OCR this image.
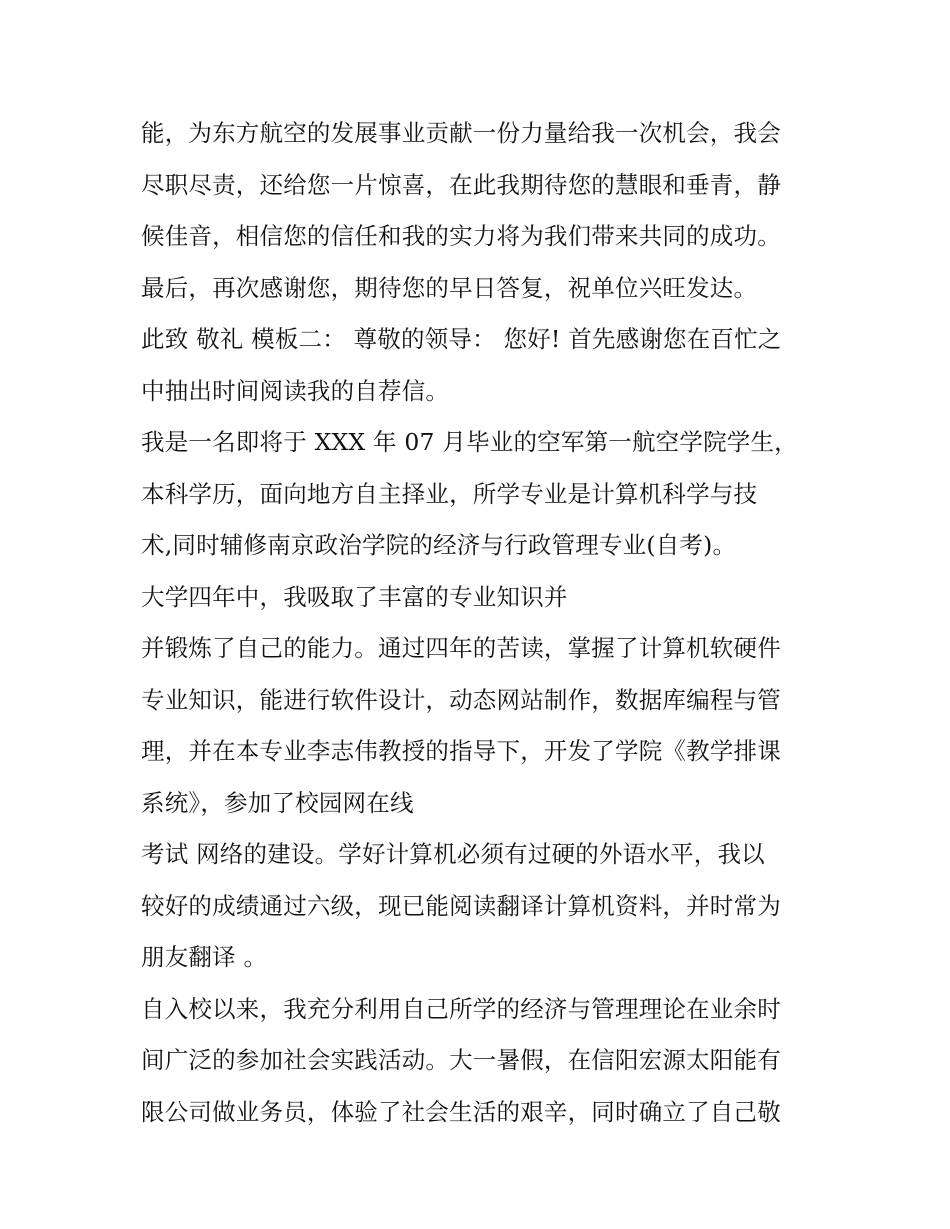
能，为东方航空的发展事业贡献一份力量给我一次机会，我会
尽职尽责，还给您一片惊喜，在此我期待您的慧眼和垂青，静
候佳音，相信您的信任和我的实力将为我们带来共同的成功。
最后，再次感谢您，期待您的早日答复，祝单位兴旺发达。
此致 敬礼 模板二： 尊敬的领导： 您好! 首先感谢您在百忙之
中抽出时间阅读我的自荐信。
我是一名即将于 XXX 年 07 月毕业的空军第一航空学院学生，
本科学历，面向地方自主择业，所学专业是计算机科学与技
术,同时辅修南京政治学院的经济与行政管理专业(自考)。
大学四年中，我吸取了丰富的专业知识并
并锻炼了自己的能力。通过四年的苦读，掌握了计算机软硬件
专业知识，能进行软件设计，动态网站制作，数据库编程与管
理，并在本专业李志伟教授的指导下，开发了学院《教学排课
系统》，参加了校园网在线
考试 网络的建设。学好计算机必须有过硬的外语水平，我以
较好的成绩通过六级，现已能阅读翻译计算机资料，并时常为
朋友翻译 。
自入校以来，我充分利用自己所学的经济与管理理论在业余时
间广泛的参加社会实践活动。大一暑假，在信阳宏源太阳能有
限公司做业务员，体验了社会生活的艰辛，同时确立了自己敬
